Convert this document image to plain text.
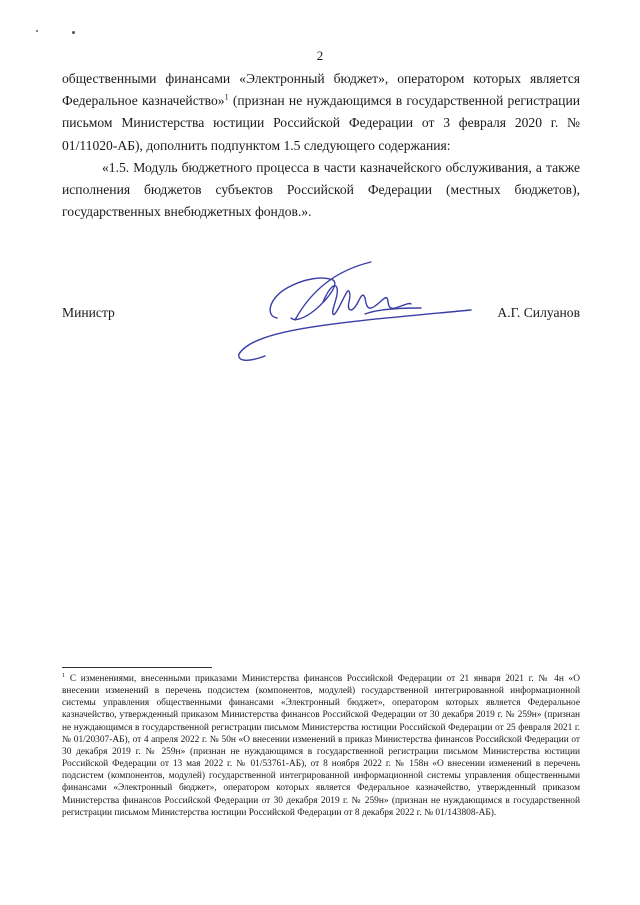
2

общественными финансами «Электронный бюджет», оператором которых является Федеральное казначейство»$^1$ (признан не нуждающимся в государственной регистрации письмом Министерства юстиции Российской Федерации от 3 февраля 2020 г. № 01/11020-АБ), дополнить подпунктом 1.5 следующего содержания:

«1.5. Модуль бюджетного процесса в части казначейского обслуживания, а также исполнения бюджетов субъектов Российской Федерации (местных бюджетов), государственных внебюджетных фондов.».

Министр	А.Г. Силуанов
$^1$ С изменениями, внесенными приказами Министерства финансов Российской Федерации от 21 января 2021 г. № 4н «О внесении изменений в перечень подсистем (компонентов, модулей) государственной интегрированной информационной системы управления общественными финансами «Электронный бюджет», оператором которых является Федеральное казначейство, утвержденный приказом Министерства финансов Российской Федерации от 30 декабря 2019 г. № 259н» (признан не нуждающимся в государственной регистрации письмом Министерства юстиции Российской Федерации от 25 февраля 2021 г. № 01/20307-АБ), от 4 апреля 2022 г. № 50н «О внесении изменений в приказ Министерства финансов Российской Федерации от 30 декабря 2019 г. № 259н» (признан не нуждающимся в государственной регистрации письмом Министерства юстиции Российской Федерации от 13 мая 2022 г. № 01/53761-АБ), от 8 ноября 2022 г. № 158н «О внесении изменений в перечень подсистем (компонентов, модулей) государственной интегрированной информационной системы управления общественными финансами «Электронный бюджет», оператором которых является Федеральное казначейство, утвержденный приказом Министерства финансов Российской Федерации от 30 декабря 2019 г. № 259н» (признан не нуждающимся в государственной регистрации письмом Министерства юстиции Российской Федерации от 8 декабря 2022 г. № 01/143808-АБ).
